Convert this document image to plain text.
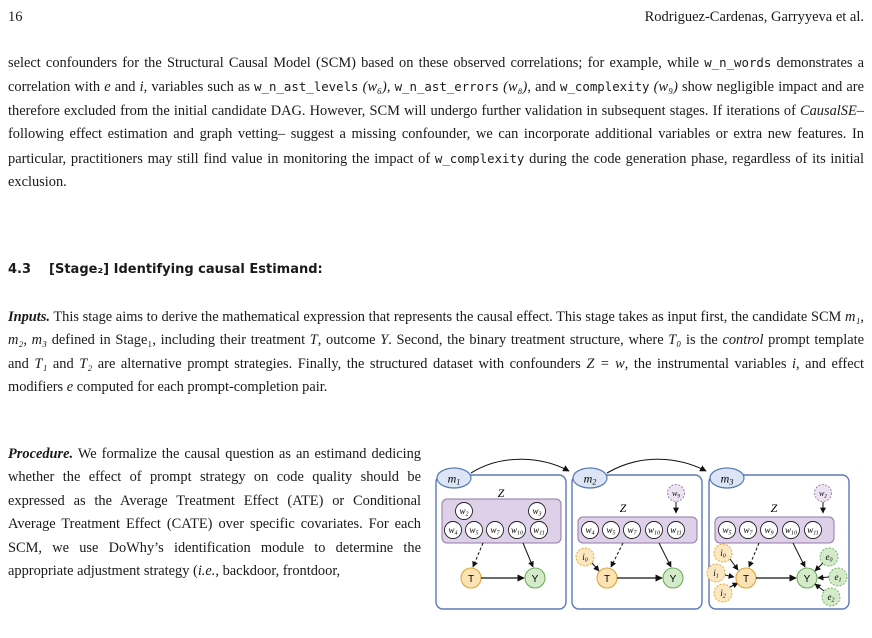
16	Rodriguez-Cardenas, Garryyeva et al.
select confounders for the Structural Causal Model (SCM) based on these observed correlations; for example, while w_n_words demonstrates a correlation with e and i, variables such as w_n_ast_levels (w₆), w_n_ast_errors (w₈), and w_complexity (w₉) show negligible impact and are therefore excluded from the initial candidate DAG. However, SCM will undergo further validation in subsequent stages. If iterations of CausalSE–following effect estimation and graph vetting– suggest a missing confounder, we can incorporate additional variables or extra new features. In particular, practitioners may still find value in monitoring the impact of w_complexity during the code generation phase, regardless of its initial exclusion.
4.3 [Stage₂] Identifying causal Estimand:
Inputs. This stage aims to derive the mathematical expression that represents the causal effect. This stage takes as input first, the candidate SCM m₁, m₂, m₃ defined in Stage₁, including their treatment T, outcome Y. Second, the binary treatment structure, where T₀ is the control prompt template and T₁ and T₂ are alternative prompt strategies. Finally, the structured dataset with confounders Z = w, the instrumental variables i, and effect modifiers e computed for each prompt-completion pair.
Procedure. We formalize the causal question as an estimand dedicing whether the effect of prompt strategy on code quality should be expressed as the Average Treatment Effect (ATE) or Conditional Average Treatment Effect (CATE) over specific covariates. For each SCM, we use DoWhy’s identification module to determine the appropriate adjustment strategy (i.e., backdoor, frontdoor,
m1
Z
w2	w3
w4 w5 w7 w10 w11
T	Y
m2
w9
Z
w4 w5 w7 w10 w11
i0
T	Y
m3
w2
Z
w5 w7 w9 w10 w11
i0
i1
i2
T	Y
e0
e1
e2
